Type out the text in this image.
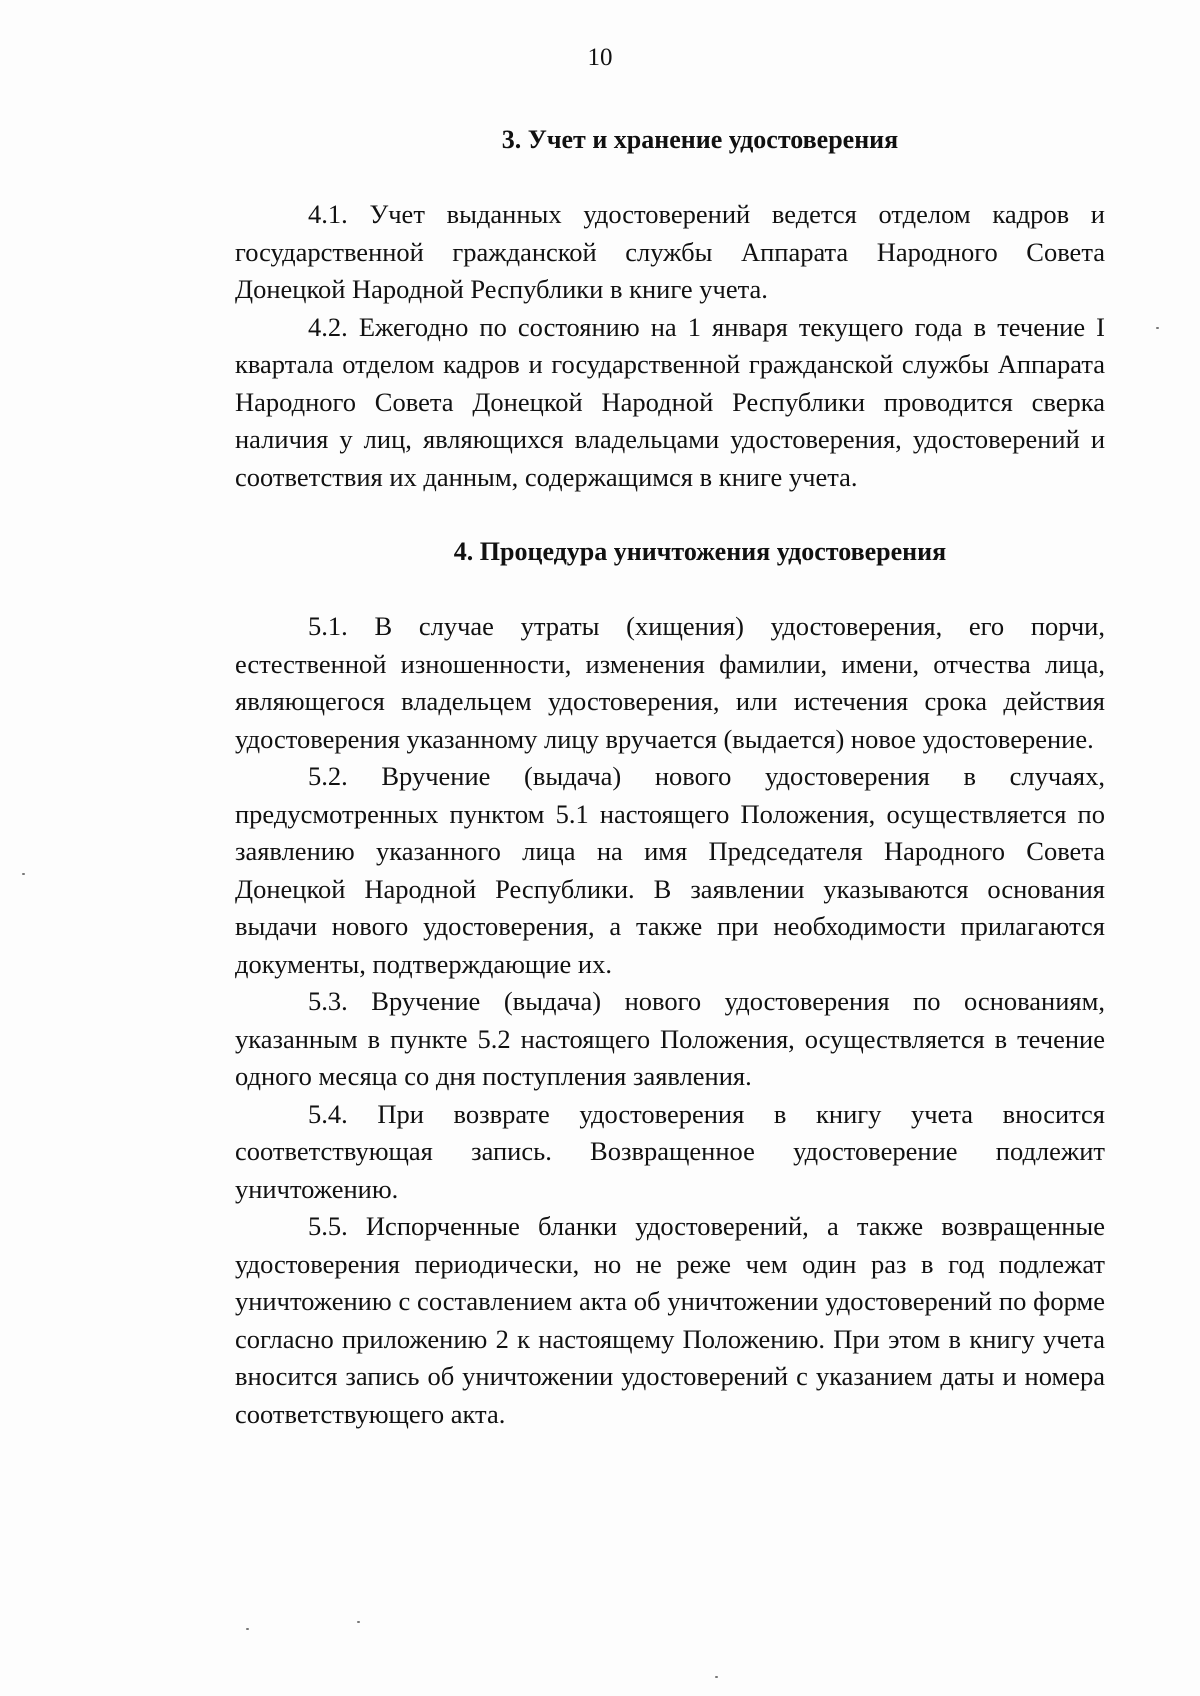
10
3. Учет и хранение удостоверения

4.1. Учет выданных удостоверений ведется отделом кадров и государственной гражданской службы Аппарата Народного Совета Донецкой Народной Республики в книге учета.

4.2. Ежегодно по состоянию на 1 января текущего года в течение I квартала отделом кадров и государственной гражданской службы Аппарата Народного Совета Донецкой Народной Республики проводится сверка наличия у лиц, являющихся владельцами удостоверения, удостоверений и соответствия их данным, содержащимся в книге учета.

4. Процедура уничтожения удостоверения

5.1. В случае утраты (хищения) удостоверения, его порчи, естественной изношенности, изменения фамилии, имени, отчества лица, являющегося владельцем удостоверения, или истечения срока действия удостоверения указанному лицу вручается (выдается) новое удостоверение.

5.2. Вручение (выдача) нового удостоверения в случаях, предусмотренных пунктом 5.1 настоящего Положения, осуществляется по заявлению указанного лица на имя Председателя Народного Совета Донецкой Народной Республики. В заявлении указываются основания выдачи нового удостоверения, а также при необходимости прилагаются документы, подтверждающие их.

5.3. Вручение (выдача) нового удостоверения по основаниям, указанным в пункте 5.2 настоящего Положения, осуществляется в течение одного месяца со дня поступления заявления.

5.4. При возврате удостоверения в книгу учета вносится соответствующая запись. Возвращенное удостоверение подлежит уничтожению.

5.5. Испорченные бланки удостоверений, а также возвращенные удостоверения периодически, но не реже чем один раз в год подлежат уничтожению с составлением акта об уничтожении удостоверений по форме согласно приложению 2 к настоящему Положению. При этом в книгу учета вносится запись об уничтожении удостоверений с указанием даты и номера соответствующего акта.
